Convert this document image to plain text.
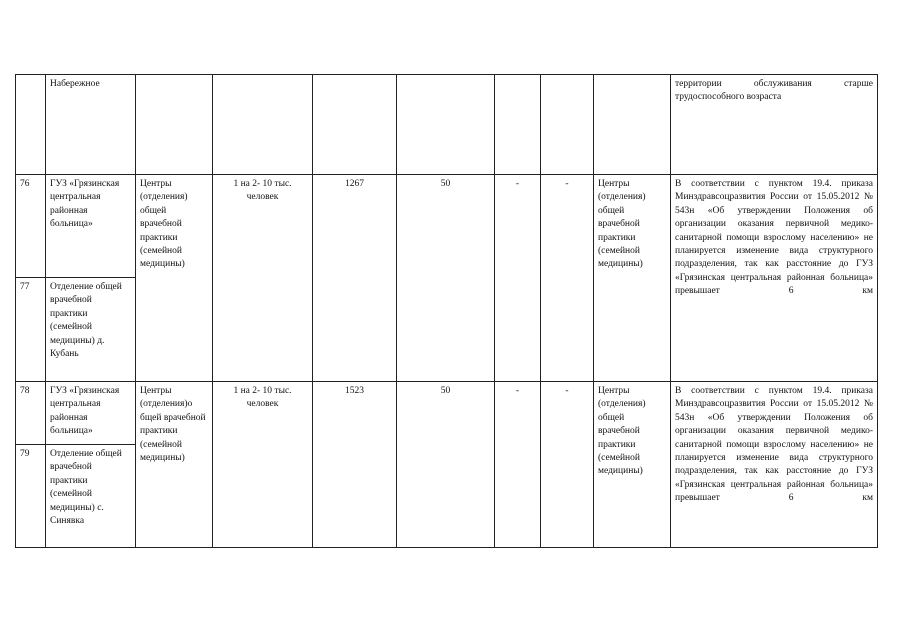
	Набережное								территории обслуживания старше трудоспособного возраста
76	ГУЗ «Грязинская центральная районная больница»	Центры (отделения) общей врачебной практики (семейной медицины)	1 на 2- 10 тыс. человек	1267	50	-	-	Центры (отделения) общей врачебной практики (семейной медицины)	В соответствии с пунктом 19.4. приказа Минздравсоцразвития России от 15.05.2012 № 543н «Об утверждении Положения об организации оказания первичной медико-санитарной помощи взрослому населению» не планируется изменение вида структурного подразделения, так как расстояние до ГУЗ «Грязинская центральная районная больница» превышает 6 км
77	Отделение общей врачебной практики (семейной медицины) д. Кубань								
78	ГУЗ «Грязинская центральная районная больница»	Центры (отделения)о бщей врачебной практики (семейной медицины)	1 на 2- 10 тыс. человек	1523	50	-	-	Центры (отделения) общей врачебной практики (семейной медицины)	В соответствии с пунктом 19.4. приказа Минздравсоцразвития России от 15.05.2012 № 543н «Об утверждении Положения об организации оказания первичной медико-санитарной помощи взрослому населению» не планируется изменение вида структурного подразделения, так как расстояние до ГУЗ «Грязинская центральная районная больница» превышает 6 км
79	Отделение общей врачебной практики (семейной медицины) с. Синявка								
